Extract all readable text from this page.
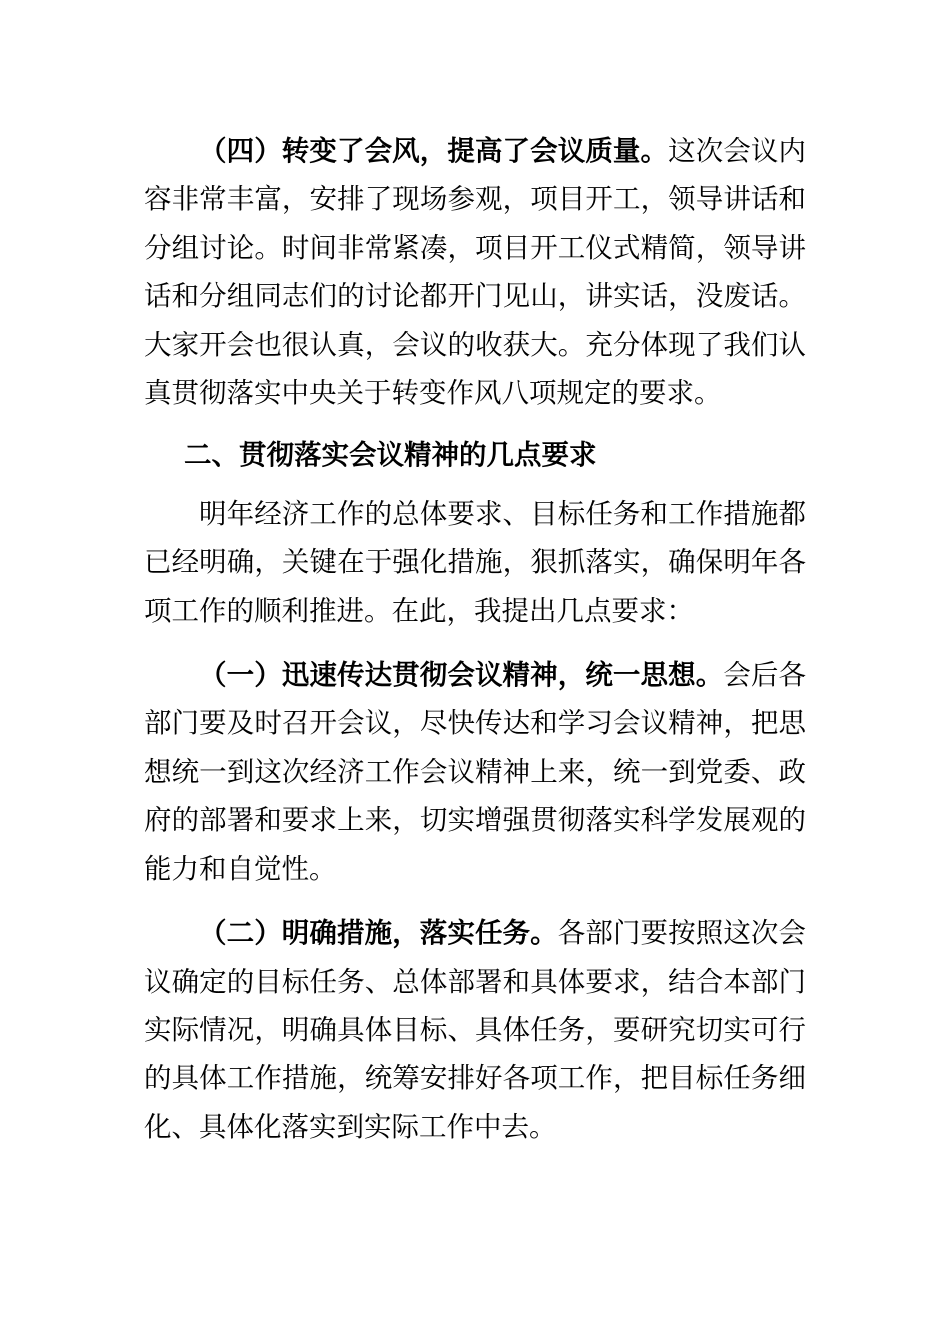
（四）转变了会风，提高了会议质量。这次会议内容非常丰富，安排了现场参观，项目开工，领导讲话和分组讨论。时间非常紧凑，项目开工仪式精简，领导讲话和分组同志们的讨论都开门见山，讲实话，没废话。大家开会也很认真，会议的收获大。充分体现了我们认真贯彻落实中央关于转变作风八项规定的要求。

二、贯彻落实会议精神的几点要求

明年经济工作的总体要求、目标任务和工作措施都已经明确，关键在于强化措施，狠抓落实，确保明年各项工作的顺利推进。在此，我提出几点要求：

（一）迅速传达贯彻会议精神，统一思想。会后各部门要及时召开会议，尽快传达和学习会议精神，把思想统一到这次经济工作会议精神上来，统一到党委、政府的部署和要求上来，切实增强贯彻落实科学发展观的能力和自觉性。

（二）明确措施，落实任务。各部门要按照这次会议确定的目标任务、总体部署和具体要求，结合本部门实际情况，明确具体目标、具体任务，要研究切实可行的具体工作措施，统筹安排好各项工作，把目标任务细化、具体化落实到实际工作中去。
